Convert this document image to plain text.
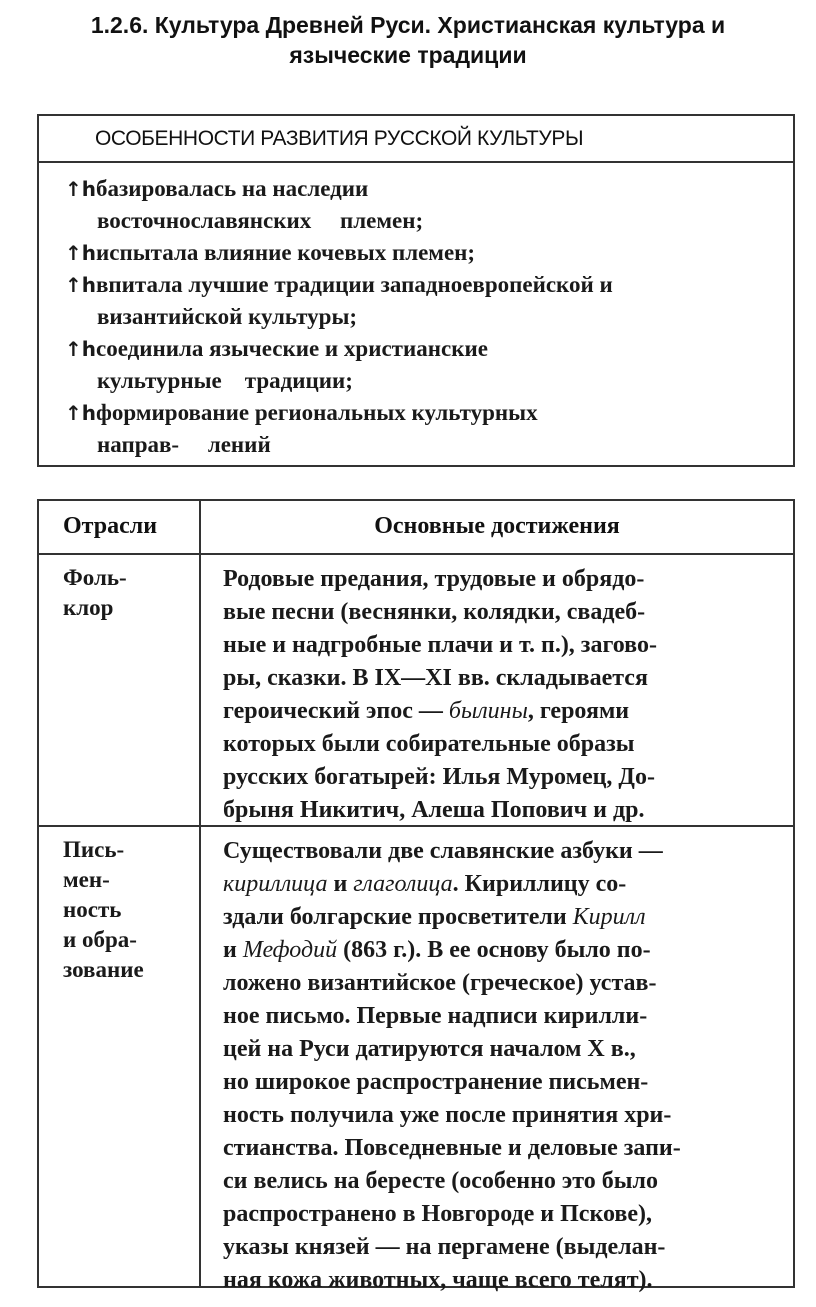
1.2.6. Культура Древней Руси. Христианская культура и
языческие традиции
ОСОБЕННОСТИ РАЗВИТИЯ РУССКОЙ КУЛЬТУРЫ
↑hбазировалась на наследии
восточнославянских     племен;
↑hиспытала влияние кочевых племен;
↑hвпитала лучшие традиции западноевропейской и
византийской культуры;
↑hсоединила языческие и христианские
культурные    традиции;
↑hформирование региональных культурных
направ-     лений
Отрасли	Основные достижения
Фоль-
клор
Родовые предания, трудовые и обрядо-
вые песни (веснянки, колядки, свадеб-
ные и надгробные плачи и т. п.), загово-
ры, сказки. В IX—XI вв. складывается
героический эпос — былины, героями
которых были собирательные образы
русских богатырей: Илья Муромец, До-
брыня Никитич, Алеша Попович и др.
Пись-
мен-
ность
и обра-
зование
Существовали две славянские азбуки —
кириллица и глаголица. Кириллицу со-
здали болгарские просветители Кирилл
и Мефодий (863 г.). В ее основу было по-
ложено византийское (греческое) устав-
ное письмо. Первые надписи кирилли-
цей на Руси датируются началом X в.,
но широкое распространение письмен-
ность получила уже после принятия хри-
стианства. Повседневные и деловые запи-
си велись на бересте (особенно это было
распространено в Новгороде и Пскове),
указы князей — на пергамене (выделан-
ная кожа животных, чаще всего телят).
